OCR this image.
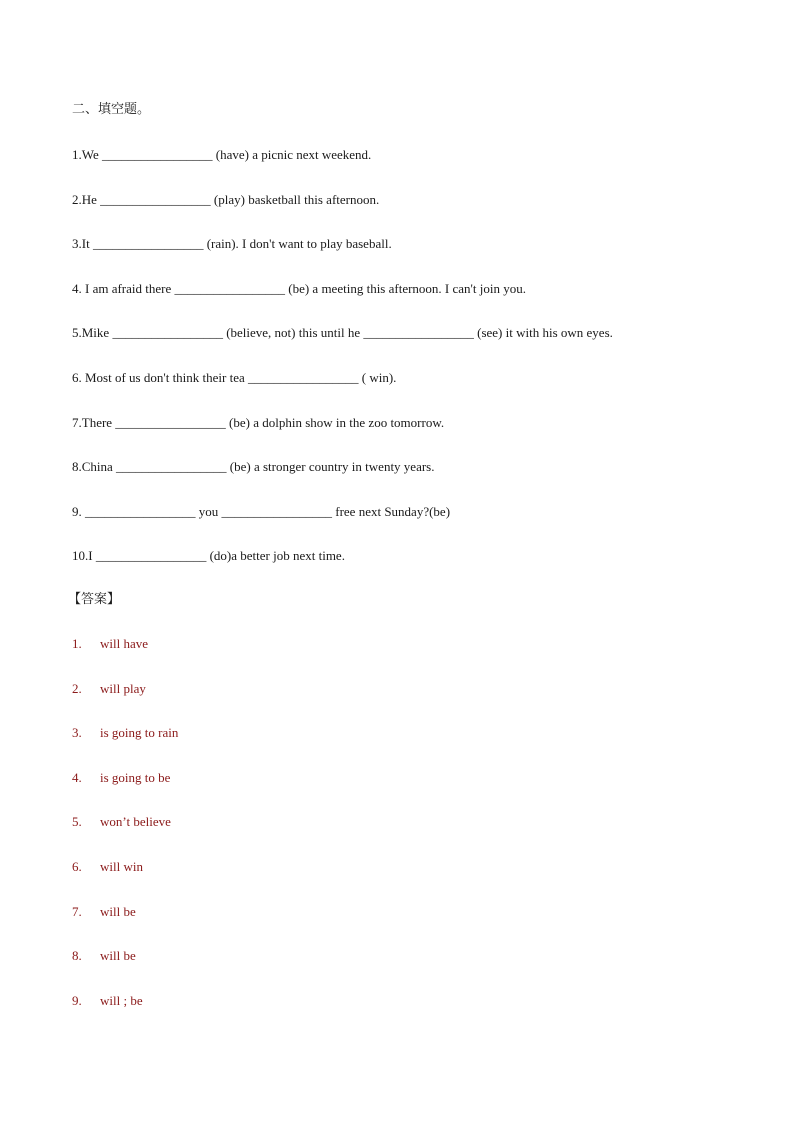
二、填空题。
1.We _________________ (have) a picnic next weekend.
2.He _________________ (play) basketball this afternoon.
3.It _________________ (rain). I don't want to play baseball.
4. I am afraid there _________________ (be) a meeting this afternoon. I can't join you.
5.Mike _________________ (believe, not) this until he _________________ (see) it with his own eyes.
6. Most of us don't think their tea _________________ ( win).
7.There _________________ (be) a dolphin show in the zoo tomorrow.
8.China _________________ (be) a stronger country in twenty years.
9. _________________ you _________________ free next Sunday?(be)
10.I _________________ (do)a better job next time.
【答案】
1. will have
2. will play
3. is going to rain
4. is going to be
5. won’t believe
6. will win
7. will be
8. will be
9. will ; be
